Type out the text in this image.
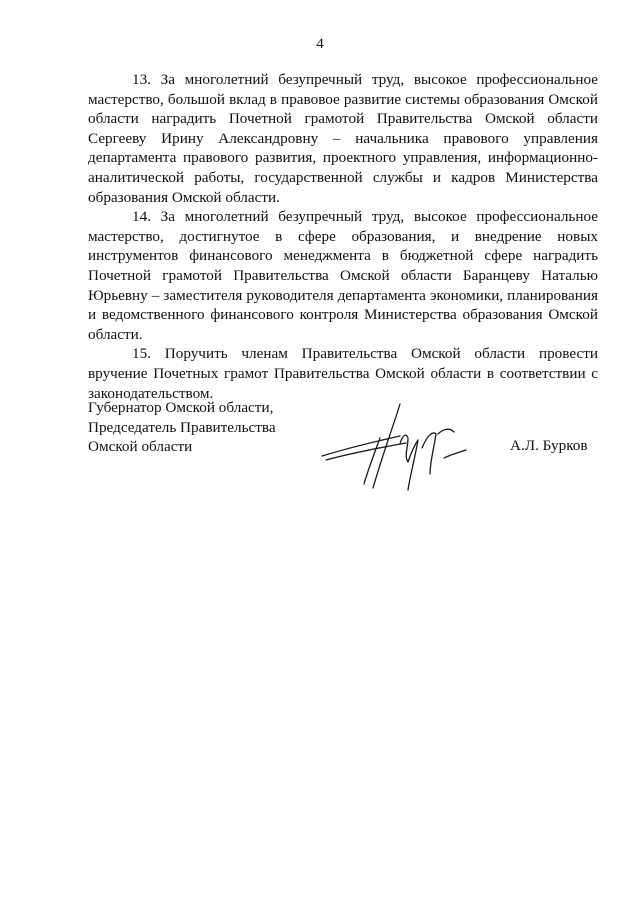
4

13. За многолетний безупречный труд, высокое профессиональное мастерство, большой вклад в правовое развитие системы образования Омской области наградить Почетной грамотой Правительства Омской области Сергееву Ирину Александровну – начальника правового управления департамента правового развития, проектного управления, информационно-аналитической работы, государственной службы и кадров Министерства образования Омской области.

14. За многолетний безупречный труд, высокое профессиональное мастерство, достигнутое в сфере образования, и внедрение новых инструментов финансового менеджмента в бюджетной сфере наградить Почетной грамотой Правительства Омской области Баранцеву Наталью Юрьевну – заместителя руководителя департамента экономики, планирования и ведомственного финансового контроля Министерства образования Омской области.

15. Поручить членам Правительства Омской области провести вручение Почетных грамот Правительства Омской области в соответствии с законодательством.

Губернатор Омской области,
Председатель Правительства
Омской области	А.Л. Бурков
